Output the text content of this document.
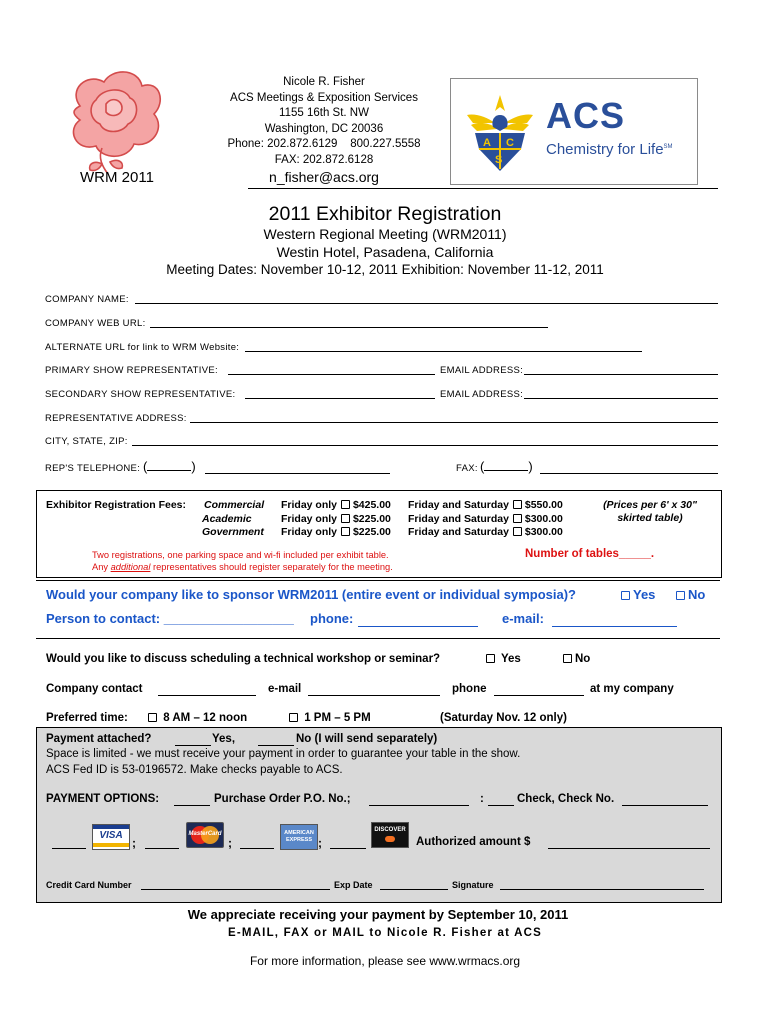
WRM 2011
Nicole R. Fisher
ACS Meetings & Exposition Services
1155 16th St. NW
Washington, DC 20036
Phone: 202.872.6129    800.227.5558
FAX: 202.872.6128
n_fisher@acs.org
A C
S
ACS
Chemistry for Life℠
2011 Exhibitor Registration
Western Regional Meeting (WRM2011)
Westin Hotel, Pasadena, California
Meeting Dates: November 10-12, 2011 Exhibition: November 11-12, 2011
COMPANY NAME:
COMPANY WEB URL:
ALTERNATE URL for link to WRM Website:
PRIMARY SHOW REPRESENTATIVE:	EMAIL ADDRESS:
SECONDARY SHOW REPRESENTATIVE:	EMAIL ADDRESS:
REPRESENTATIVE ADDRESS:
CITY, STATE, ZIP:
REP'S TELEPHONE: (	)	FAX: (	)
Exhibitor Registration Fees: Commercial Friday only $425.00 Friday and Saturday $550.00
Academic	Friday only $225.00 Friday and Saturday $300.00
Government Friday only $225.00 Friday and Saturday $300.00
(Prices per 6' x 30"
skirted table)
Two registrations, one parking space and wi-fi included per exhibit table.
Any additional representatives should register separately for the meeting.
Number of tables_____.
Would your company like to sponsor WRM2011 (entire event or individual symposia)?	Yes	No
Person to contact: __________________ phone:	e-mail:
Would you like to discuss scheduling a technical workshop or seminar?	Yes	No
Company contact	e-mail	phone	at my company
Preferred time:	8 AM – 12 noon	1 PM – 5 PM	(Saturday Nov. 12 only)
Payment attached?	Yes,	No (I will send separately)
Space is limited - we must receive your payment in order to guarantee your table in the show.
ACS Fed ID is 53-0196572. Make checks payable to ACS.
PAYMENT OPTIONS:	Purchase Order P.O. No.;	:	Check, Check No.
VISA
;
MasterCard
;
AMERICAN EXPRESS ;
DISCOVER
Authorized amount $
Credit Card Number	Exp Date	Signature
We appreciate receiving your payment by September 10, 2011
E-MAIL, FAX or MAIL to Nicole R. Fisher at ACS
For more information, please see www.wrmacs.org
